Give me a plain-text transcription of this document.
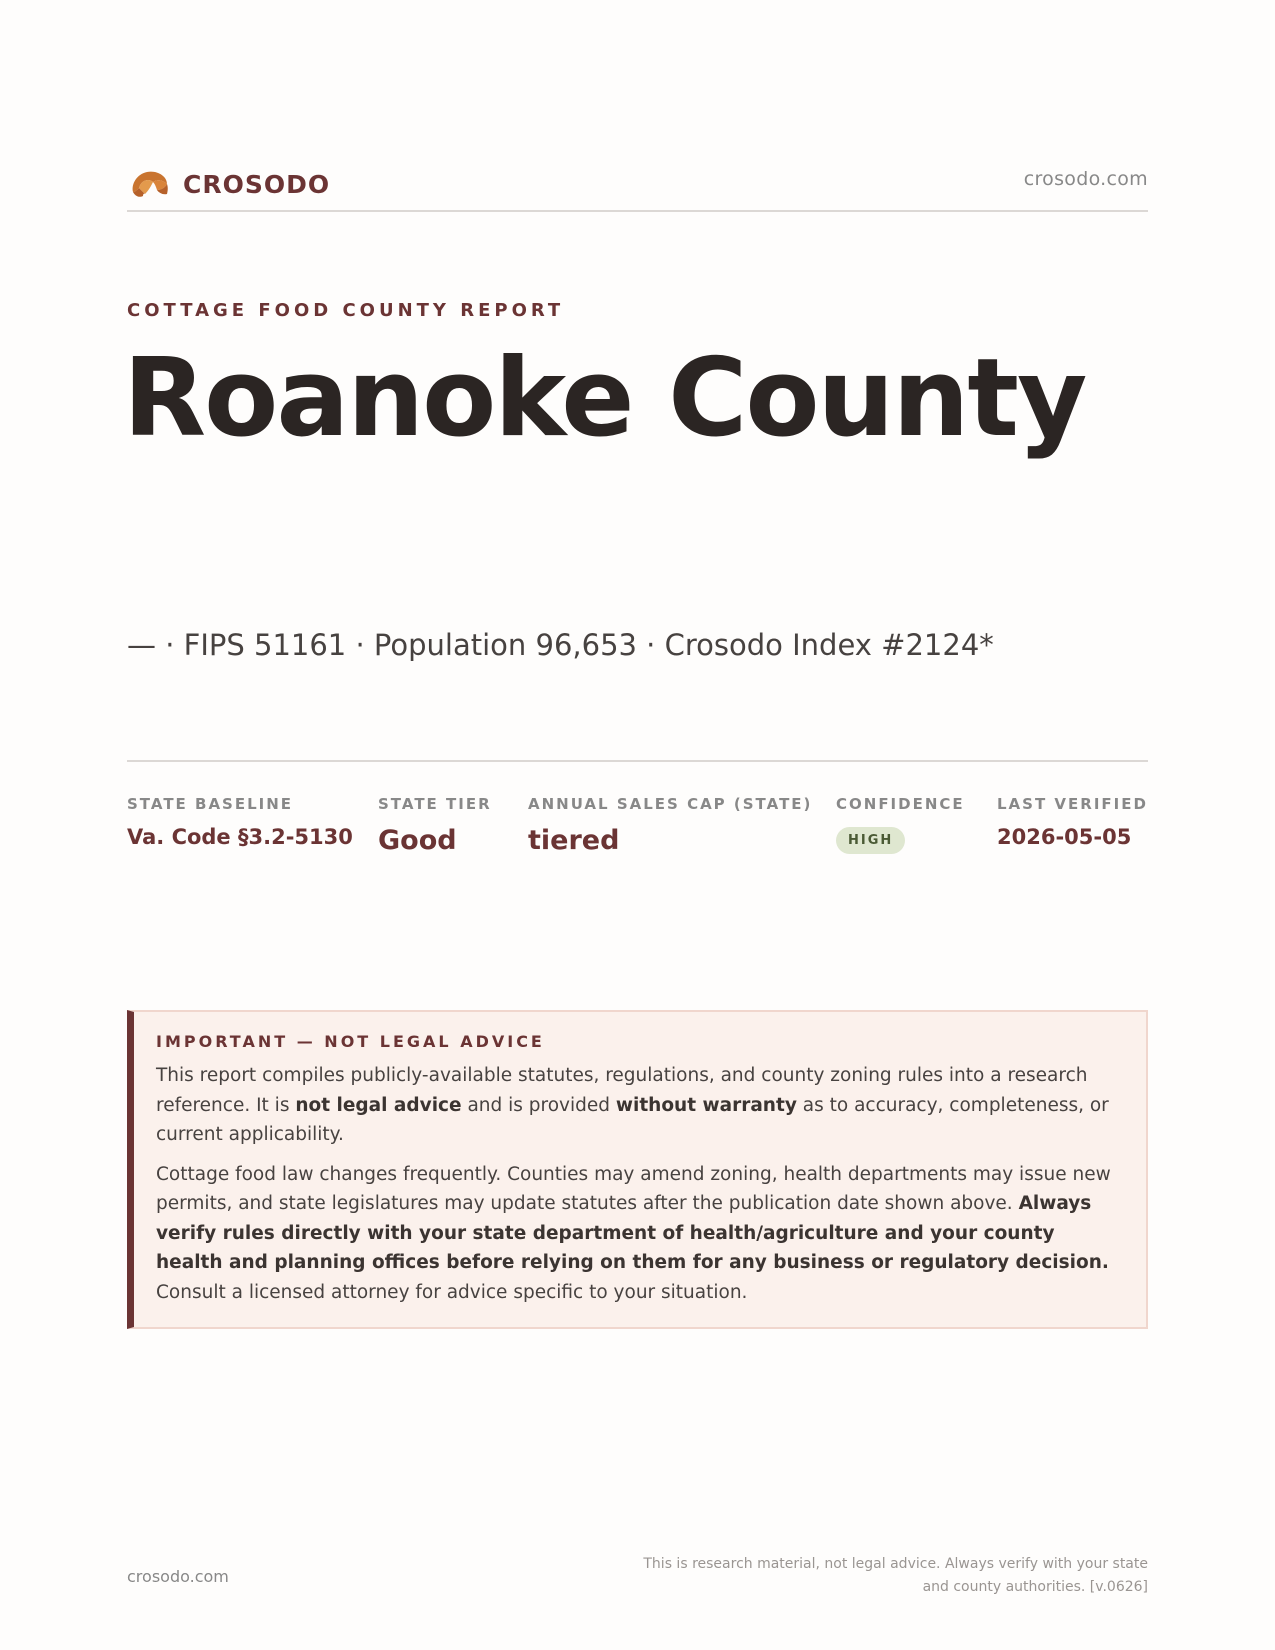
CROSODO	crosodo.com
COTTAGE FOOD COUNTY REPORT
Roanoke County
— · FIPS 51161 · Population 96,653 · Crosodo Index #2124*
STATE BASELINE
Va. Code §3.2-5130
STATE TIER
Good
ANNUAL SALES CAP (STATE)
tiered
CONFIDENCE
HIGH
LAST VERIFIED
2026-05-05
IMPORTANT — NOT LEGAL ADVICE

This report compiles publicly-available statutes, regulations, and county zoning rules into a research reference. It is not legal advice and is provided without warranty as to accuracy, completeness, or current applicability.

Cottage food law changes frequently. Counties may amend zoning, health departments may issue new permits, and state legislatures may update statutes after the publication date shown above. Always verify rules directly with your state department of health/agriculture and your county health and planning offices before relying on them for any business or regulatory decision. Consult a licensed attorney for advice specific to your situation.

crosodo.com
This is research material, not legal advice. Always verify with your state and county authorities. [v.0626]
